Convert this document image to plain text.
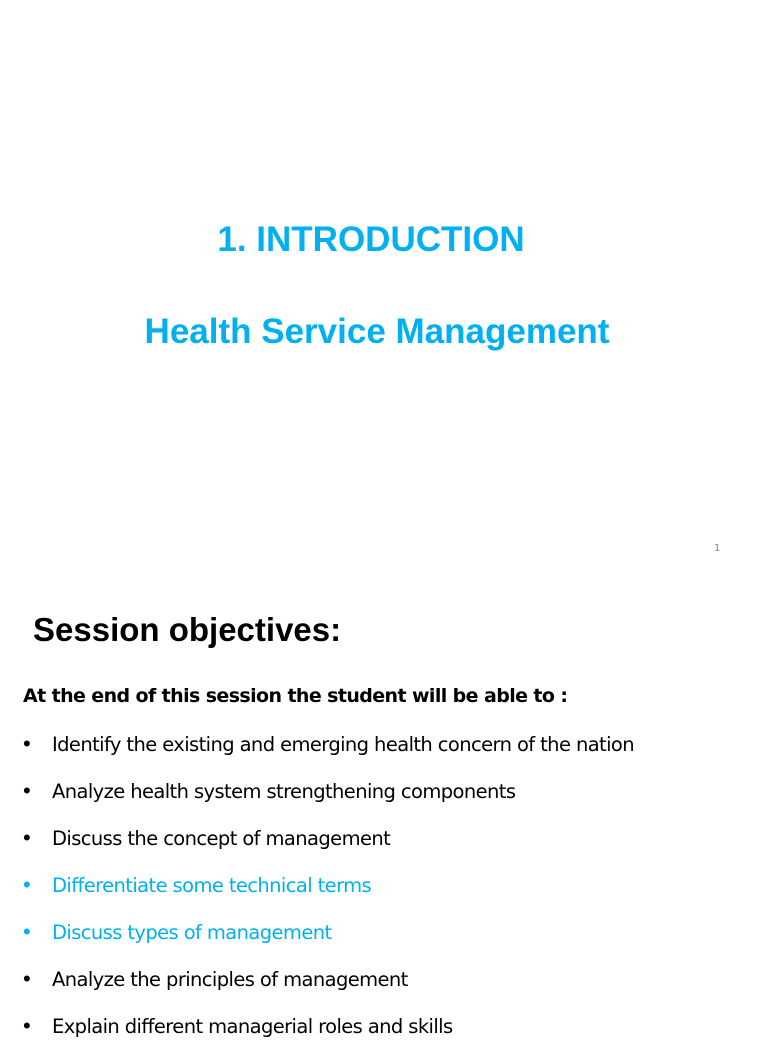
1. INTRODUCTION
Health Service Management
1
Session objectives:

At the end of this session the student will be able to :

•	Identify the existing and emerging health concern of the nation
•	Analyze health system strengthening components
•	Discuss the concept of management
•	Differentiate some technical terms
•	Discuss types of management
•	Analyze the principles of management
•	Explain different managerial roles and skills
